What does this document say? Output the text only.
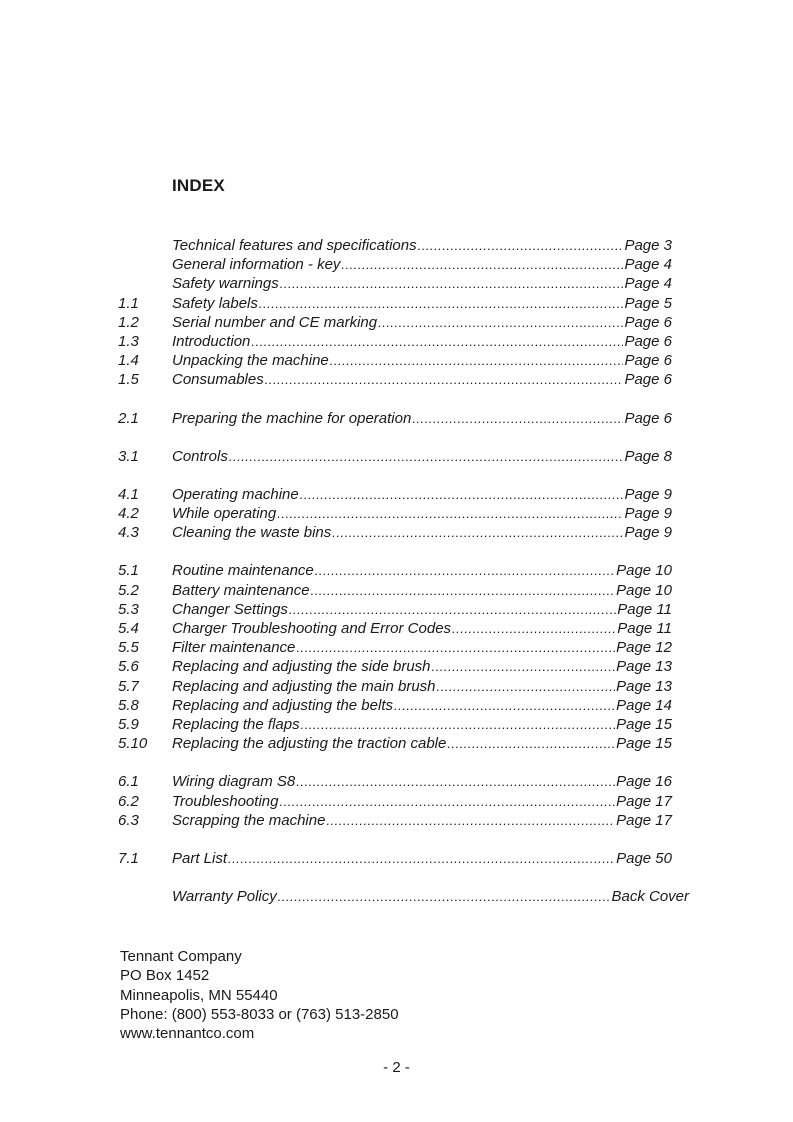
INDEX
Technical features and specifications .....	Page 3
General information - key .....	Page 4
Safety warnings .....	Page 4
1.1 Safety labels .....	Page 5
1.2 Serial number and CE marking .....	Page 6
1.3 Introduction .....	Page 6
1.4 Unpacking the machine .....	Page 6
1.5 Consumables .....	Page 6
2.1 Preparing the machine for operation .....	Page 6
3.1 Controls .....	Page 8
4.1 Operating machine .....	Page 9
4.2 While operating .....	Page 9
4.3 Cleaning the waste bins .....	Page 9
5.1 Routine maintenance .....	Page 10
5.2 Battery maintenance .....	Page 10
5.3 Changer Settings .....	Page 11
5.4 Charger Troubleshooting and Error Codes .....	Page 11
5.5 Filter maintenance .....	Page 12
5.6 Replacing and adjusting the side brush .....	Page 13
5.7 Replacing and adjusting the main brush .....	Page 13
5.8 Replacing and adjusting the belts .....	Page 14
5.9 Replacing the flaps .....	Page 15
5.10 Replacing the adjusting the traction cable .....	Page 15
6.1 Wiring diagram S8 .....	Page 16
6.2 Troubleshooting .....	Page 17
6.3 Scrapping the machine .....	Page 17
7.1 Part List .....	Page 50
Warranty Policy .....	Back Cover
Tennant Company
PO Box 1452
Minneapolis, MN 55440
Phone: (800) 553-8033 or (763) 513-2850
www.tennantco.com
- 2 -
